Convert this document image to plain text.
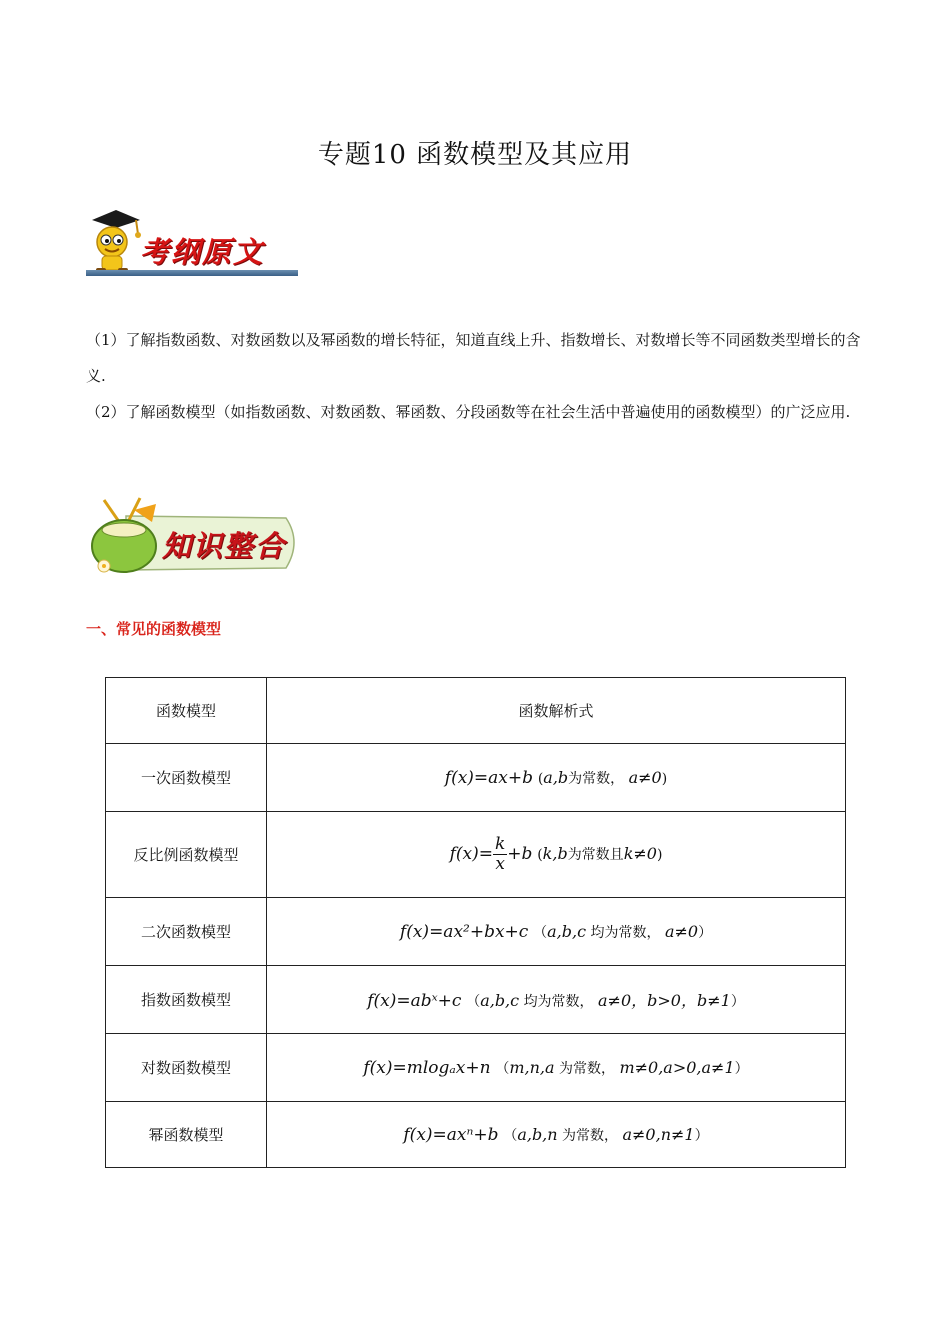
专题10 函数模型及其应用
考纲原文
（1）了解指数函数、对数函数以及幂函数的增长特征，知道直线上升、指数增长、对数增长等不同函数类型增长的含义.
（2）了解函数模型（如指数函数、对数函数、幂函数、分段函数等在社会生活中普遍使用的函数模型）的广泛应用.
知识整合
一、常见的函数模型
函数模型	函数解析式
一次函数模型	f(x)=ax+b (a,b为常数， a≠0)
反比例函数模型	$f(x)= \frac{k}{x} +b$ (k,b为常数且k≠0)
二次函数模型	f(x)=ax²+bx+c （a,b,c 均为常数， a≠0）
指数函数模型	f(x)=abˣ+c （a,b,c 均为常数， a≠0，b>0，b≠1）
对数函数模型	f(x)=mlogₐx+n （m,n,a 为常数， m≠0,a>0,a≠1）
幂函数模型	f(x)=axⁿ+b （a,b,n 为常数， a≠0,n≠1）
